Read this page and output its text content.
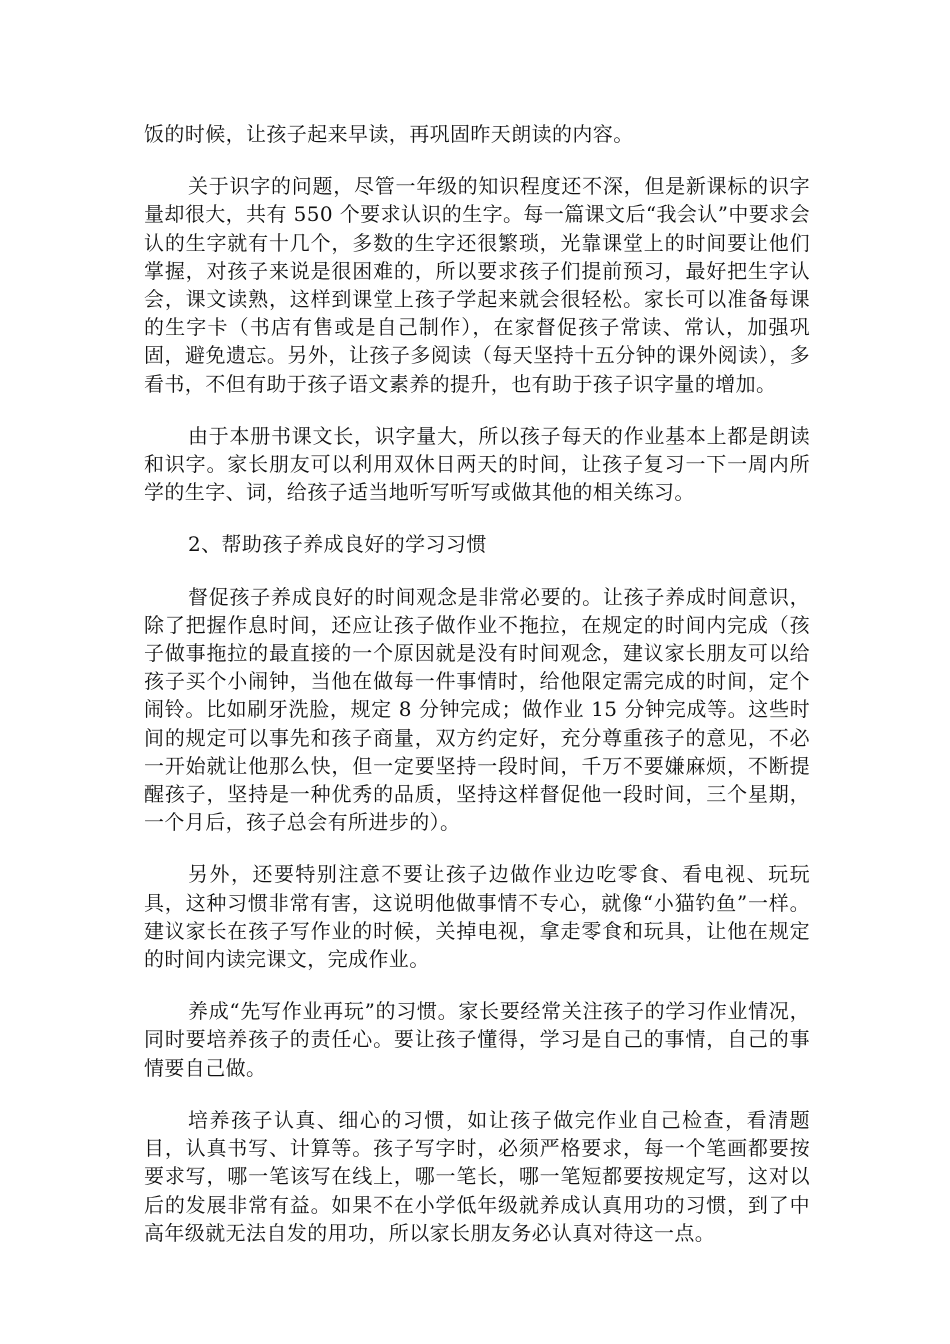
饭的时候，让孩子起来早读，再巩固昨天朗读的内容。

关于识字的问题，尽管一年级的知识程度还不深，但是新课标的识字量却很大，共有 550 个要求认识的生字。每一篇课文后“我会认”中要求会认的生字就有十几个，多数的生字还很繁琐，光靠课堂上的时间要让他们掌握，对孩子来说是很困难的，所以要求孩子们提前预习，最好把生字认会，课文读熟，这样到课堂上孩子学起来就会很轻松。家长可以准备每课的生字卡（书店有售或是自己制作），在家督促孩子常读、常认，加强巩固，避免遗忘。另外，让孩子多阅读（每天坚持十五分钟的课外阅读），多看书，不但有助于孩子语文素养的提升，也有助于孩子识字量的增加。

由于本册书课文长，识字量大，所以孩子每天的作业基本上都是朗读和识字。家长朋友可以利用双休日两天的时间，让孩子复习一下一周内所学的生字、词，给孩子适当地听写听写或做其他的相关练习。

2、帮助孩子养成良好的学习习惯

督促孩子养成良好的时间观念是非常必要的。让孩子养成时间意识，除了把握作息时间，还应让孩子做作业不拖拉，在规定的时间内完成（孩子做事拖拉的最直接的一个原因就是没有时间观念，建议家长朋友可以给孩子买个小闹钟，当他在做每一件事情时，给他限定需完成的时间，定个闹铃。比如刷牙洗脸，规定 8 分钟完成；做作业 15 分钟完成等。这些时间的规定可以事先和孩子商量，双方约定好，充分尊重孩子的意见，不必一开始就让他那么快，但一定要坚持一段时间，千万不要嫌麻烦，不断提醒孩子，坚持是一种优秀的品质，坚持这样督促他一段时间，三个星期，一个月后，孩子总会有所进步的）。

另外，还要特别注意不要让孩子边做作业边吃零食、看电视、玩玩具，这种习惯非常有害，这说明他做事情不专心，就像“小猫钓鱼”一样。建议家长在孩子写作业的时候，关掉电视，拿走零食和玩具，让他在规定的时间内读完课文，完成作业。

养成“先写作业再玩”的习惯。家长要经常关注孩子的学习作业情况，同时要培养孩子的责任心。要让孩子懂得，学习是自己的事情，自己的事情要自己做。

培养孩子认真、细心的习惯，如让孩子做完作业自己检查，看清题目，认真书写、计算等。孩子写字时，必须严格要求，每一个笔画都要按要求写，哪一笔该写在线上，哪一笔长，哪一笔短都要按规定写，这对以后的发展非常有益。如果不在小学低年级就养成认真用功的习惯，到了中高年级就无法自发的用功，所以家长朋友务必认真对待这一点。
